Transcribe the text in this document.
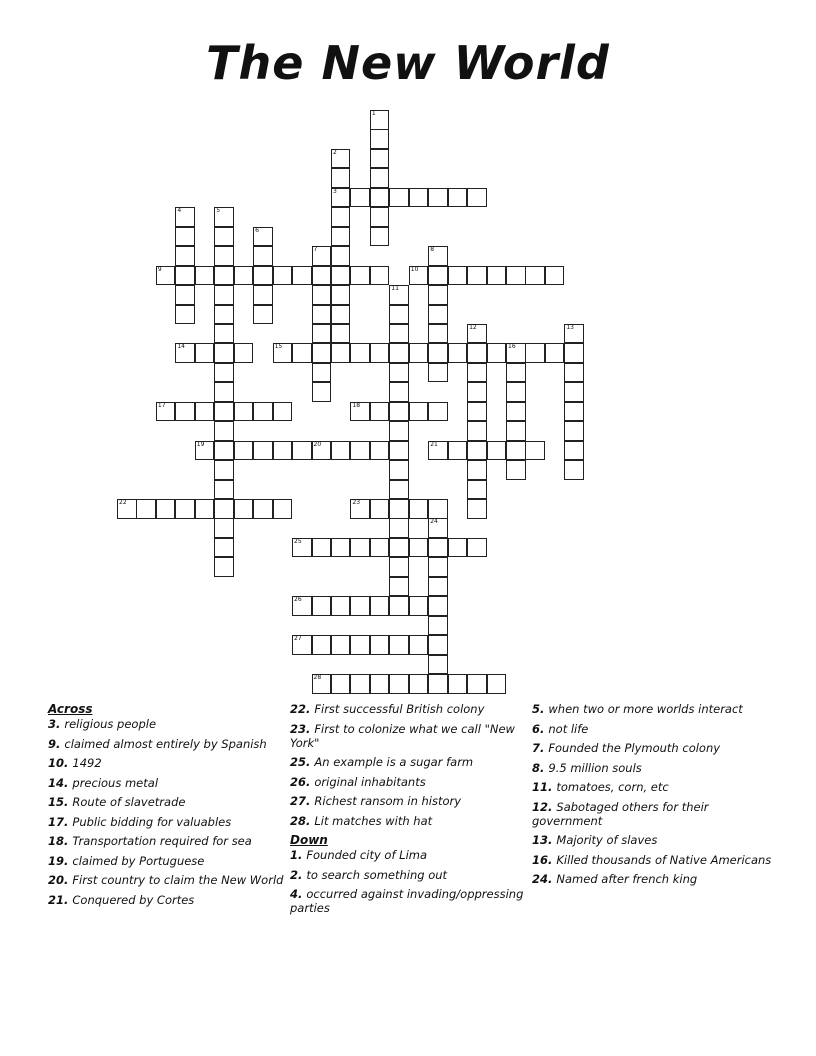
The New World
1
2
3
4	5
6
7	8
9	10
11
12	13
14	15	16
17	18
19	20	21
22	23
24
25
26
27
28
Across
3. religious people
9. claimed almost entirely by Spanish
10. 1492
14. precious metal
15. Route of slavetrade
17. Public bidding for valuables
18. Transportation required for sea
19. claimed by Portuguese
20. First country to claim the New World
21. Conquered by Cortes
22. First successful British colony
23. First to colonize what we call "New York"
25. An example is a sugar farm
26. original inhabitants
27. Richest ransom in history
28. Lit matches with hat
Down
1. Founded city of Lima
2. to search something out
4. occurred against invading/oppressing parties
5. when two or more worlds interact
6. not life
7. Founded the Plymouth colony
8. 9.5 million souls
11. tomatoes, corn, etc
12. Sabotaged others for their government
13. Majority of slaves
16. Killed thousands of Native Americans
24. Named after french king
